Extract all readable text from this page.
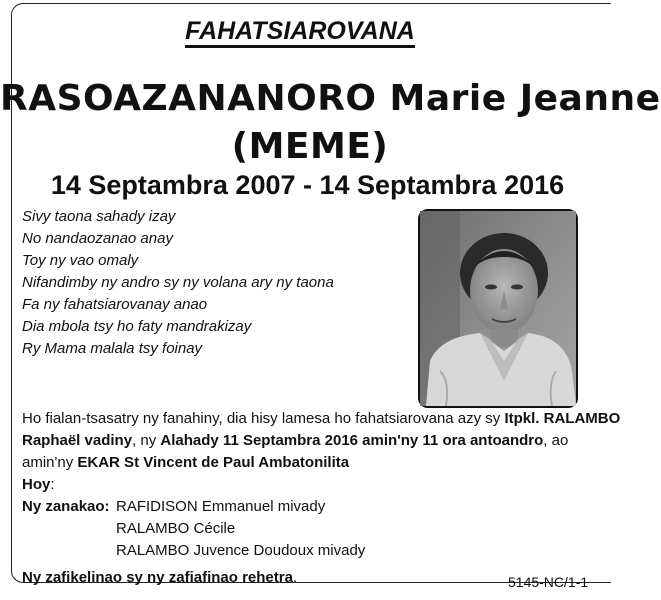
FAHATSIAROVANA
RASOAZANANORO Marie Jeanne
(MEME)
14 Septambra 2007 - 14 Septambra 2016
Sivy taona sahady izay
No nandaozanao anay
Toy ny vao omaly
Nifandimby ny andro sy ny volana ary ny taona
Fa ny fahatsiarovanay anao
Dia mbola tsy ho faty mandrakizay
Ry Mama malala tsy foinay
Ho fialan-tsasatry ny fanahiny, dia hisy lamesa ho fahatsiarovana azy sy Itpkl. RALAMBO
Raphaël vadiny, ny Alahady 11 Septambra 2016 amin'ny 11 ora antoandro, ao
amin'ny EKAR St Vincent de Paul Ambatonilita
Hoy:
Ny zanakao: RAFIDISON Emmanuel mivady
RALAMBO Cécile
RALAMBO Juvence Doudoux mivady
Ny zafikelinao sy ny zafiafinao rehetra.	5145-NC/1-1
